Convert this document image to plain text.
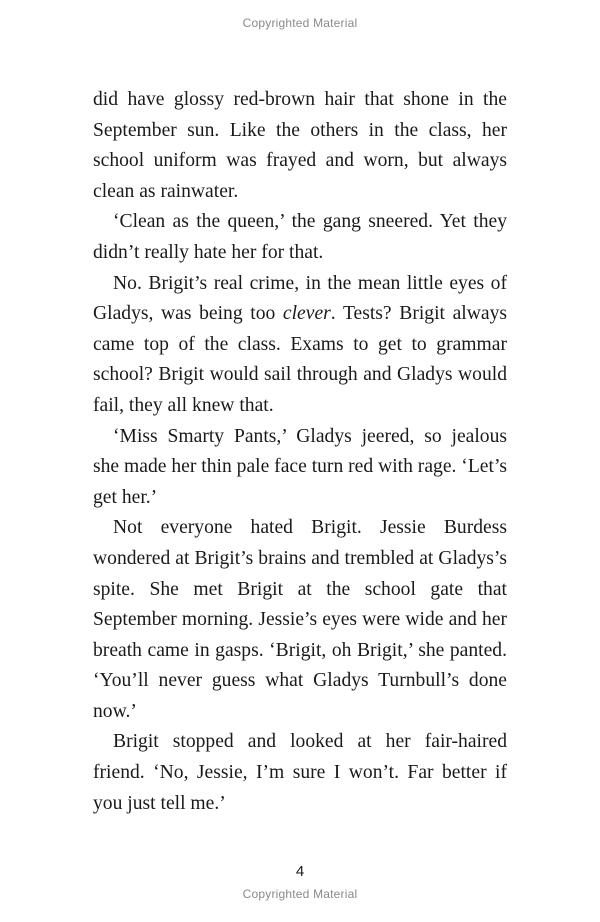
Copyrighted Material

did have glossy red-brown hair that shone in the September sun. Like the others in the class, her school uniform was frayed and worn, but always clean as rainwater.

‘Clean as the queen,’ the gang sneered. Yet they didn’t really hate her for that.

No. Brigit’s real crime, in the mean little eyes of Gladys, was being too clever. Tests? Brigit always came top of the class. Exams to get to grammar school? Brigit would sail through and Gladys would fail, they all knew that.

‘Miss Smarty Pants,’ Gladys jeered, so jealous she made her thin pale face turn red with rage. ‘Let’s get her.’

Not everyone hated Brigit. Jessie Burdess wondered at Brigit’s brains and trembled at Gladys’s spite. She met Brigit at the school gate that September morning. Jessie’s eyes were wide and her breath came in gasps. ‘Brigit, oh Brigit,’ she panted. ‘You’ll never guess what Gladys Turnbull’s done now.’

Brigit stopped and looked at her fair-haired friend. ‘No, Jessie, I’m sure I won’t. Far better if you just tell me.’

4
Copyrighted Material
